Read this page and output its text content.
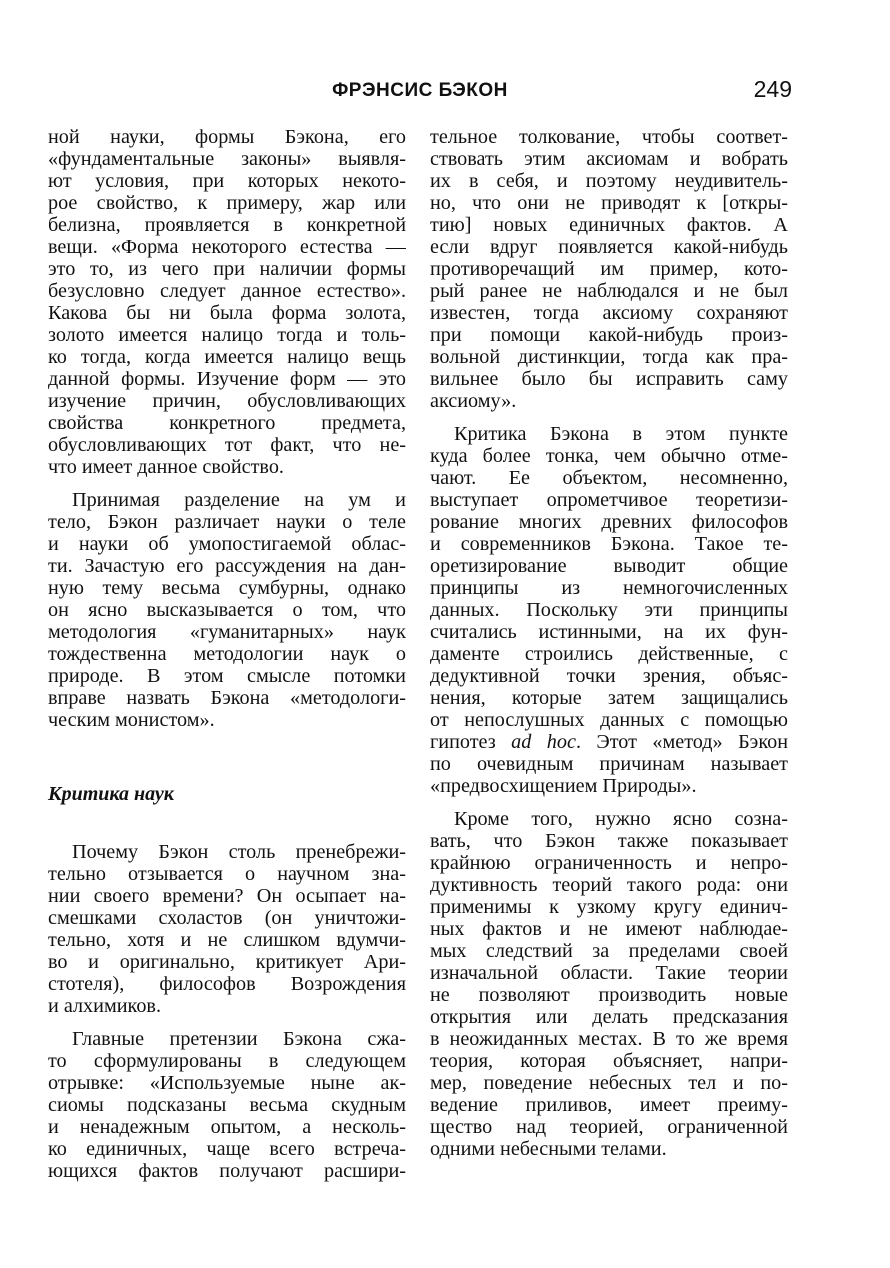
ФРЭНСИС БЭКОН	249
ной науки, формы Бэкона, его
«фундаментальные законы» выявля-
ют условия, при которых некото-
рое свойство, к примеру, жар или
белизна, проявляется в конкретной
вещи. «Форма некоторого естества —
это то, из чего при наличии формы
безусловно следует данное естество».
Какова бы ни была форма золота,
золото имеется налицо тогда и толь-
ко тогда, когда имеется налицо вещь
данной формы. Изучение форм — это
изучение причин, обусловливающих
свойства конкретного предмета,
обусловливающих тот факт, что не-
что имеет данное свойство.
Принимая разделение на ум и
тело, Бэкон различает науки о теле
и науки об умопостигаемой облас-
ти. Зачастую его рассуждения на дан-
ную тему весьма сумбурны, однако
он ясно высказывается о том, что
методология «гуманитарных» наук
тождественна методологии наук о
природе. В этом смысле потомки
вправе назвать Бэкона «методологи-
ческим монистом».
Критика наук
Почему Бэкон столь пренебрежи-
тельно отзывается о научном зна-
нии своего времени? Он осыпает на-
смешками схоластов (он уничтожи-
тельно, хотя и не слишком вдумчи-
во и оригинально, критикует Ари-
стотеля), философов Возрождения
и алхимиков.
Главные претензии Бэкона сжа-
то сформулированы в следующем
отрывке: «Используемые ныне ак-
сиомы подсказаны весьма скудным
и ненадежным опытом, а несколь-
ко единичных, чаще всего встреча-
ющихся фактов получают расшири-
тельное толкование, чтобы соответ-
ствовать этим аксиомам и вобрать
их в себя, и поэтому неудивитель-
но, что они не приводят к [откры-
тию] новых единичных фактов. А
если вдруг появляется какой-нибудь
противоречащий им пример, кото-
рый ранее не наблюдался и не был
известен, тогда аксиому сохраняют
при помощи какой-нибудь произ-
вольной дистинкции, тогда как пра-
вильнее было бы исправить саму
аксиому».
Критика Бэкона в этом пункте
куда более тонка, чем обычно отме-
чают. Ее объектом, несомненно,
выступает опрометчивое теоретизи-
рование многих древних философов
и современников Бэкона. Такое те-
оретизирование выводит общие
принципы из немногочисленных
данных. Поскольку эти принципы
считались истинными, на их фун-
даменте строились действенные, с
дедуктивной точки зрения, объяс-
нения, которые затем защищались
от непослушных данных с помощью
гипотез ad hoc. Этот «метод» Бэкон
по очевидным причинам называет
«предвосхищением Природы».
Кроме того, нужно ясно созна-
вать, что Бэкон также показывает
крайнюю ограниченность и непро-
дуктивность теорий такого рода: они
применимы к узкому кругу единич-
ных фактов и не имеют наблюдае-
мых следствий за пределами своей
изначальной области. Такие теории
не позволяют производить новые
открытия или делать предсказания
в неожиданных местах. В то же время
теория, которая объясняет, напри-
мер, поведение небесных тел и по-
ведение приливов, имеет преиму-
щество над теорией, ограниченной
одними небесными телами.
